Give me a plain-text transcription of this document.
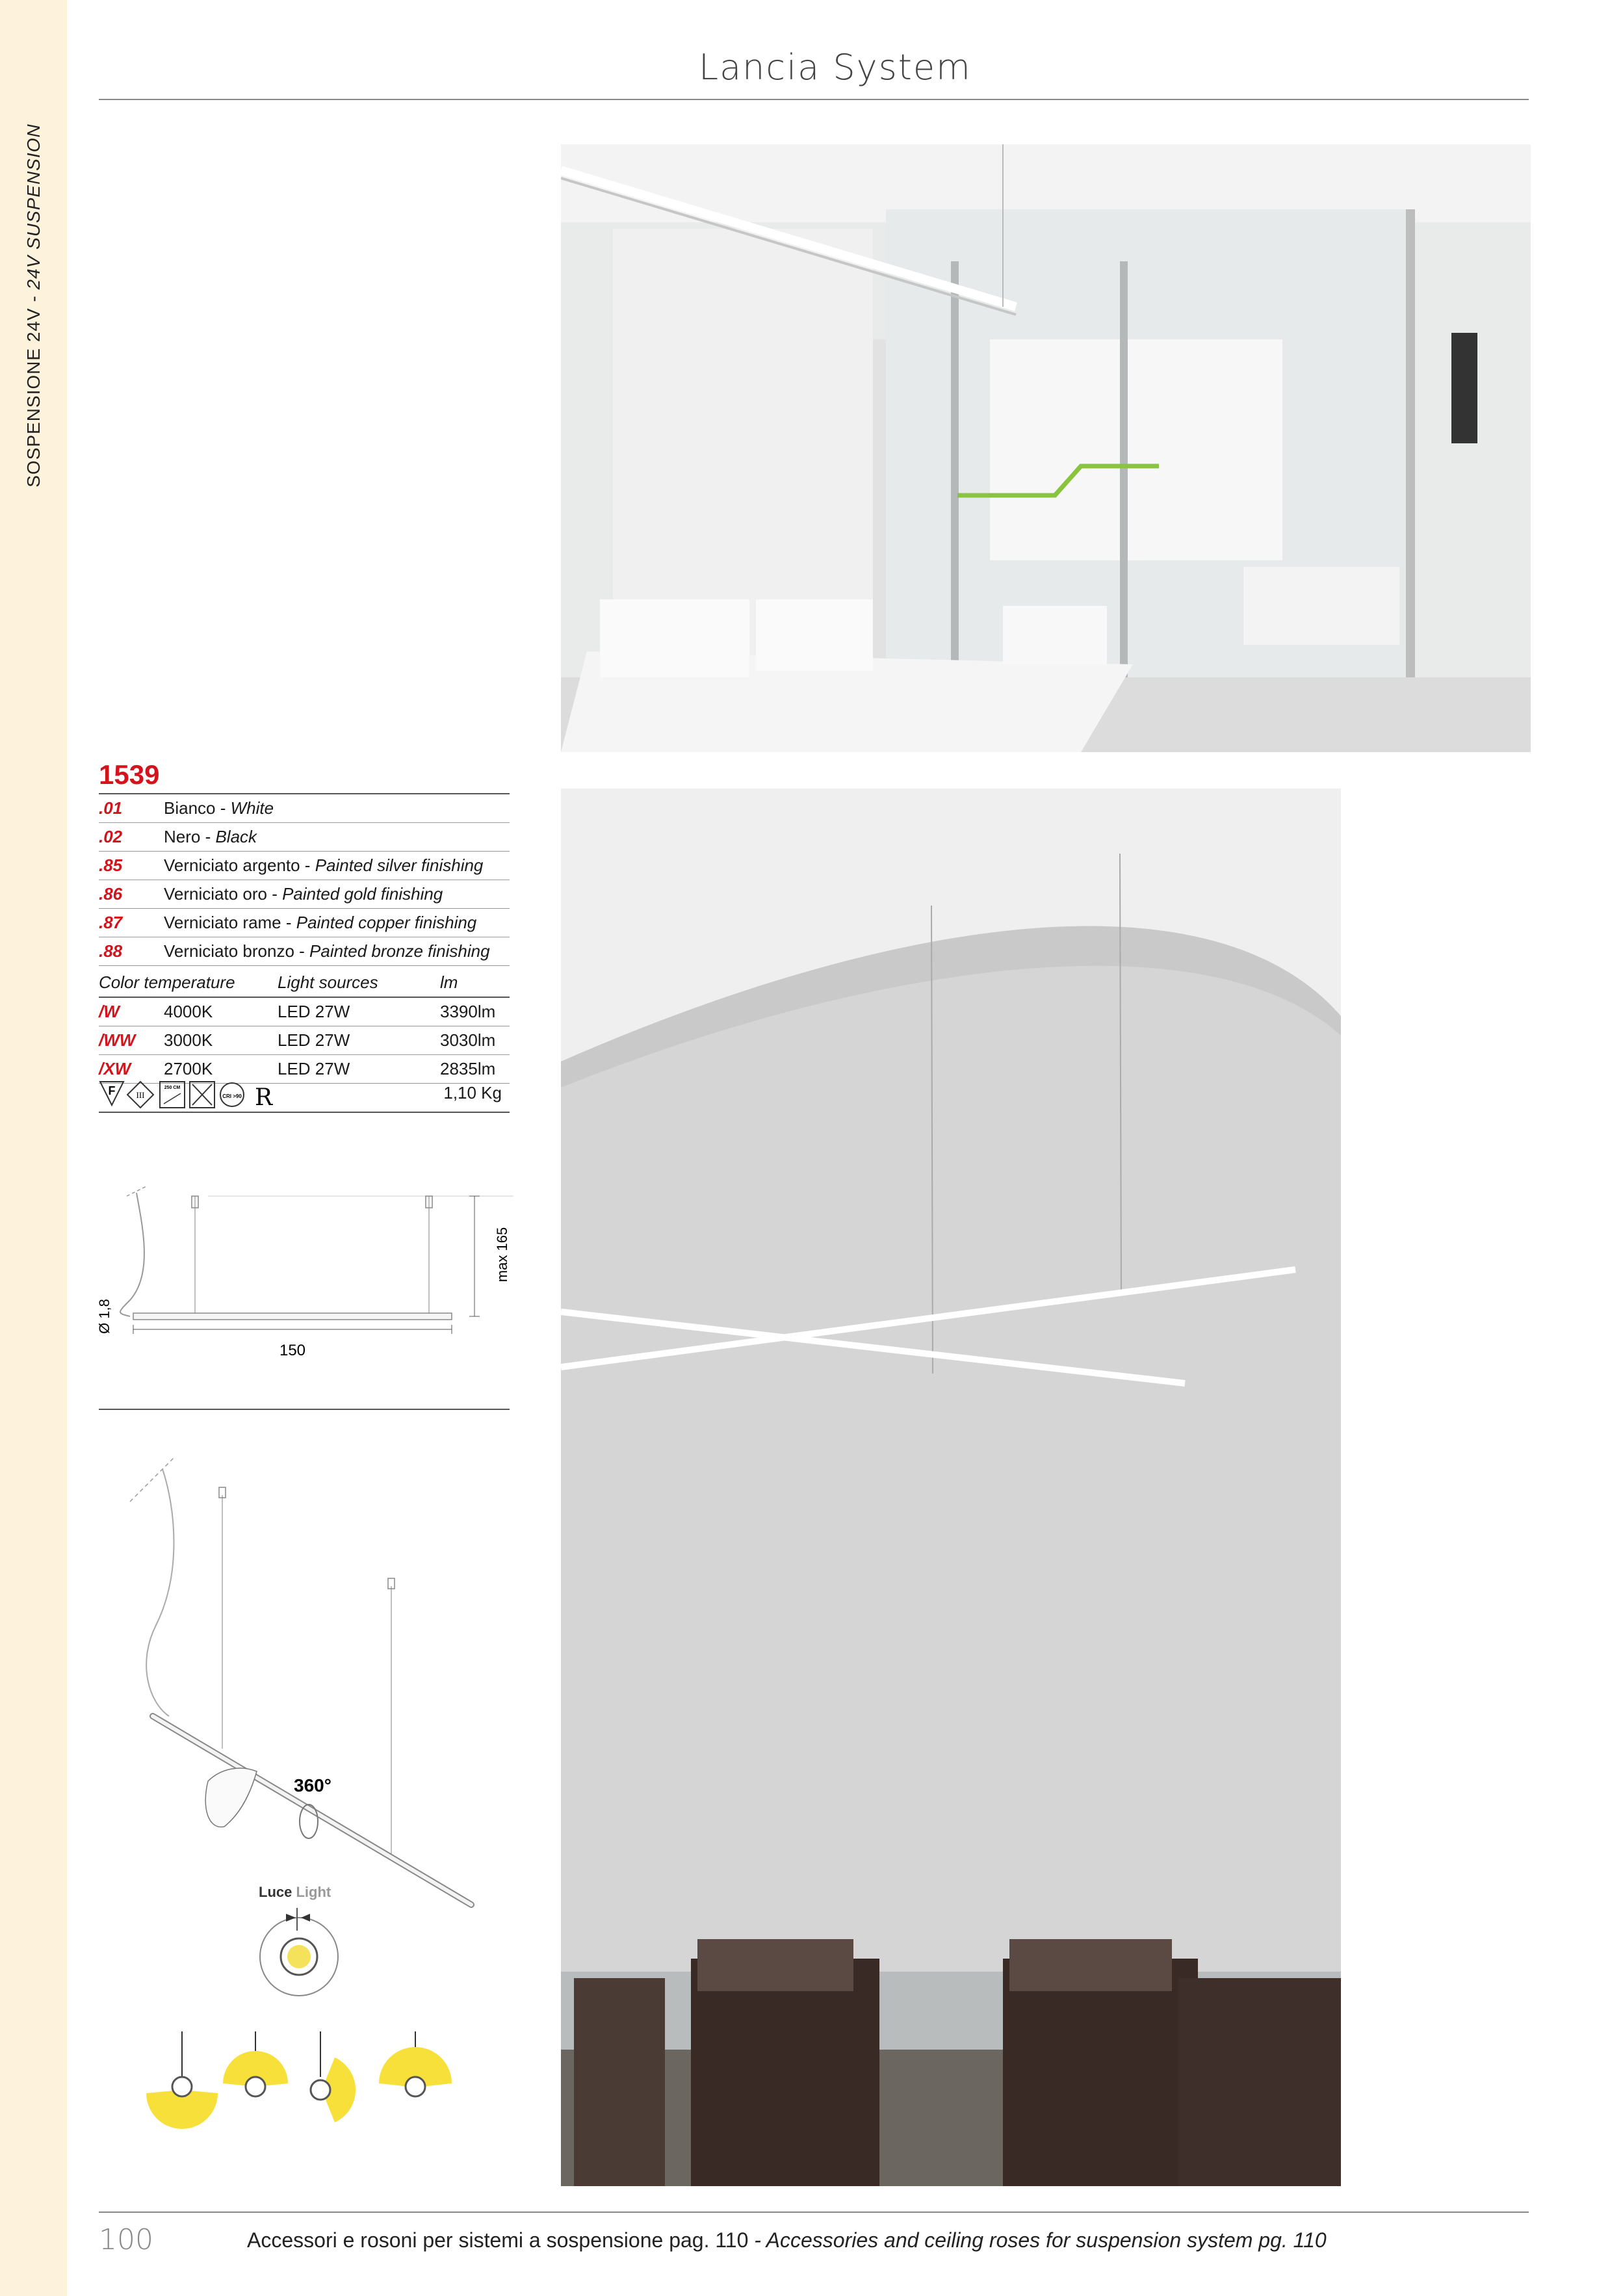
SOSPENSIONE 24V - 24V SUSPENSION
Lancia System
1539
.01	Bianco - White
.02	Nero - Black
.85	Verniciato argento - Painted silver finishing
.86	Verniciato oro - Painted gold finishing
.87	Verniciato rame - Painted copper finishing
.88	Verniciato bronzo - Painted bronze finishing
Color temperature		Light sources	lm
/W	4000K	LED 27W	3390lm
/WW	3000K	LED 27W	3030lm
/XW	2700K	LED 27W	2835lm
F III
250 CM
CRI >90 R	1,10 Kg
150
max 165
Ø 1,8
360°
Luce Light
100	Accessori e rosoni per sistemi a sospensione pag. 110 - Accessories and ceiling roses for suspension system pg. 110
